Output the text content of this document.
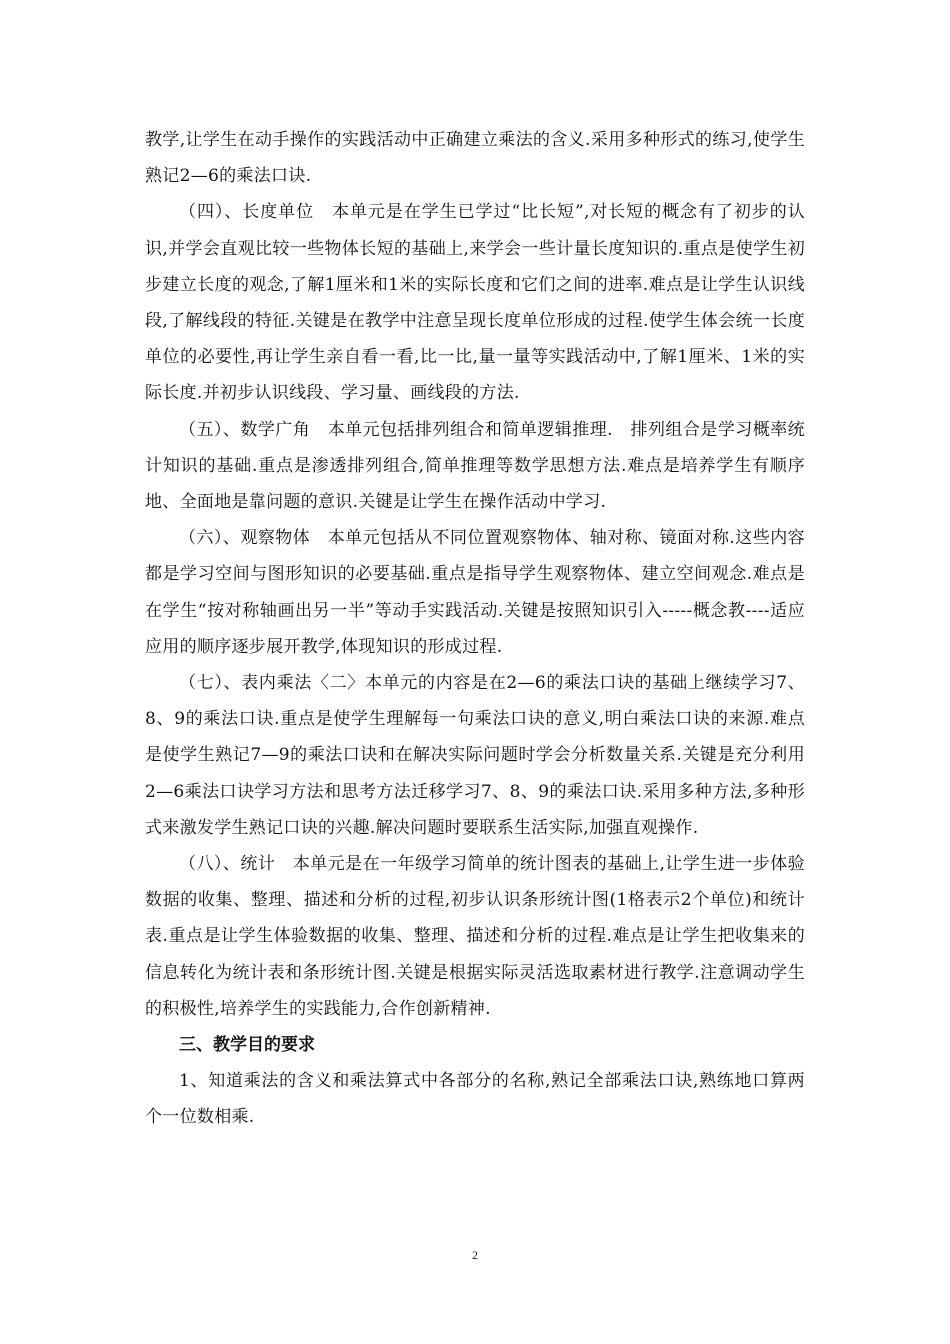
教学,让学生在动手操作的实践活动中正确建立乘法的含义.采用多种形式的练习,使学生熟记2—6的乘法口诀.

（四）、长度单位　本单元是在学生已学过“比长短”,对长短的概念有了初步的认识,并学会直观比较一些物体长短的基础上,来学会一些计量长度知识的.重点是使学生初步建立长度的观念,了解1厘米和1米的实际长度和它们之间的进率.难点是让学生认识线段,了解线段的特征.关键是在教学中注意呈现长度单位形成的过程.使学生体会统一长度单位的必要性,再让学生亲自看一看,比一比,量一量等实践活动中,了解1厘米、1米的实际长度.并初步认识线段、学习量、画线段的方法.

（五）、数学广角　本单元包括排列组合和简单逻辑推理.　排列组合是学习概率统计知识的基础.重点是渗透排列组合,简单推理等数学思想方法.难点是培养学生有顺序地、全面地是靠问题的意识.关键是让学生在操作活动中学习.

（六）、观察物体　本单元包括从不同位置观察物体、轴对称、镜面对称.这些内容都是学习空间与图形知识的必要基础.重点是指导学生观察物体、建立空间观念.难点是在学生“按对称轴画出另一半”等动手实践活动.关键是按照知识引入-----概念教----适应应用的顺序逐步展开教学,体现知识的形成过程.

（七）、表内乘法〈二〉本单元的内容是在2—6的乘法口诀的基础上继续学习7、8、9的乘法口诀.重点是使学生理解每一句乘法口诀的意义,明白乘法口诀的来源.难点是使学生熟记7—9的乘法口诀和在解决实际问题时学会分析数量关系.关键是充分利用2—6乘法口诀学习方法和思考方法迁移学习7、8、9的乘法口诀.采用多种方法,多种形式来激发学生熟记口诀的兴趣.解决问题时要联系生活实际,加强直观操作.

（八）、统计　本单元是在一年级学习简单的统计图表的基础上,让学生进一步体验数据的收集、整理、描述和分析的过程,初步认识条形统计图(1格表示2个单位)和统计表.重点是让学生体验数据的收集、整理、描述和分析的过程.难点是让学生把收集来的信息转化为统计表和条形统计图.关键是根据实际灵活选取素材进行教学.注意调动学生的积极性,培养学生的实践能力,合作创新精神.

三、教学目的要求

1、知道乘法的含义和乘法算式中各部分的名称,熟记全部乘法口诀,熟练地口算两个一位数相乘.

2
